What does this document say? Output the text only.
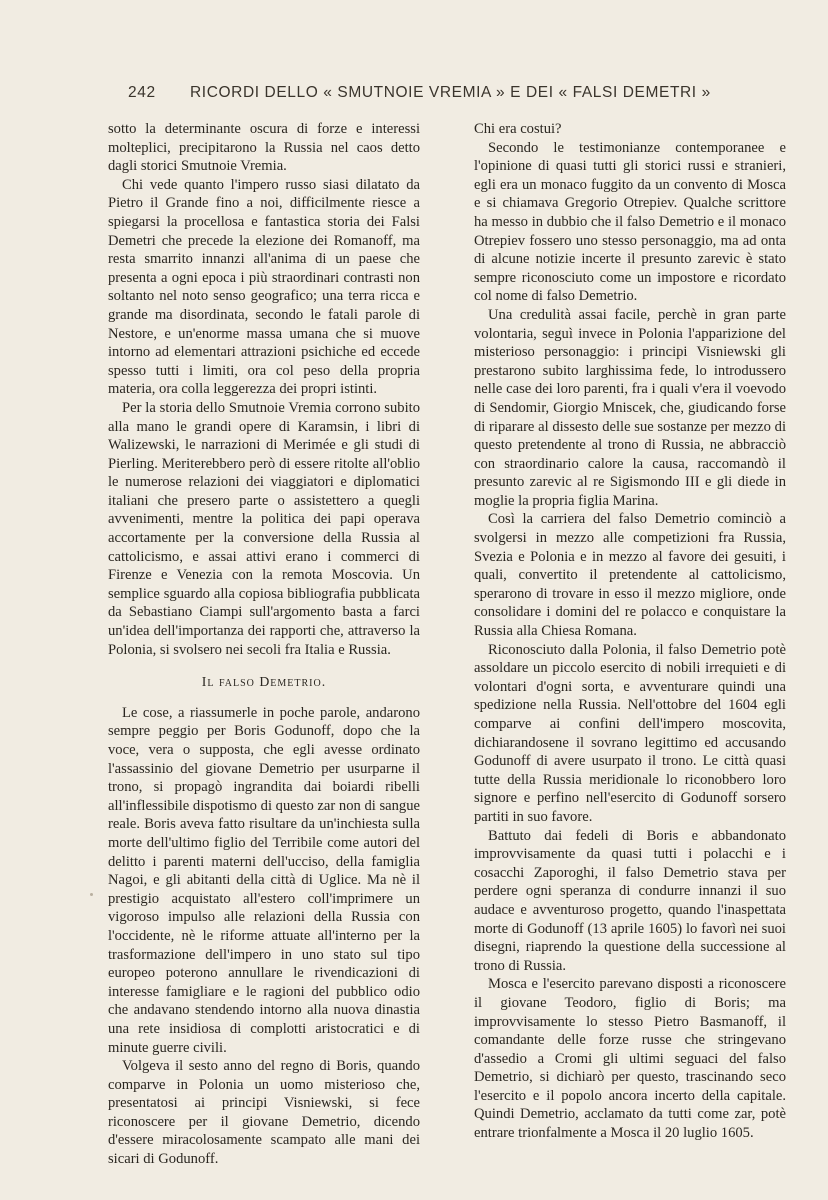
242 RICORDI DELLO « SMUTNOIE VREMIA » E DEI « FALSI DEMETRI »

sotto la determinante oscura di forze e interessi molteplici, precipitarono la Russia nel caos detto dagli storici Smutnoie Vremia.

Chi vede quanto l'impero russo siasi dilatato da Pietro il Grande fino a noi, difficilmente riesce a spiegarsi la procellosa e fantastica storia dei Falsi Demetri che precede la elezione dei Romanoff, ma resta smarrito innanzi all'anima di un paese che presenta a ogni epoca i più straordinari contrasti non soltanto nel noto senso geografico; una terra ricca e grande ma disordinata, secondo le fatali parole di Nestore, e un'enorme massa umana che si muove intorno ad elementari attrazioni psichiche ed eccede spesso tutti i limiti, ora col peso della propria materia, ora colla leggerezza dei propri istinti.

Per la storia dello Smutnoie Vremia corrono subito alla mano le grandi opere di Karamsin, i libri di Walizewski, le narrazioni di Merimée e gli studi di Pierling. Meriterebbero però di essere ritolte all'oblio le numerose relazioni dei viaggiatori e diplomatici italiani che presero parte o assistettero a quegli avvenimenti, mentre la politica dei papi operava accortamente per la conversione della Russia al cattolicismo, e assai attivi erano i commerci di Firenze e Venezia con la remota Moscovia. Un semplice sguardo alla copiosa bibliografia pubblicata da Sebastiano Ciampi sull'argomento basta a farci un'idea dell'importanza dei rapporti che, attraverso la Polonia, si svolsero nei secoli fra Italia e Russia.

Il falso Demetrio.

Le cose, a riassumerle in poche parole, andarono sempre peggio per Boris Godunoff, dopo che la voce, vera o supposta, che egli avesse ordinato l'assassinio del giovane Demetrio per usurparne il trono, si propagò ingrandita dai boiardi ribelli all'inflessibile dispotismo di questo zar non di sangue reale. Boris aveva fatto risultare da un'inchiesta sulla morte dell'ultimo figlio del Terribile come autori del delitto i parenti materni dell'ucciso, della famiglia Nagoi, e gli abitanti della città di Uglice. Ma nè il prestigio acquistato all'estero coll'imprimere un vigoroso impulso alle relazioni della Russia con l'occidente, nè le riforme attuate all'interno per la trasformazione dell'impero in uno stato sul tipo europeo poterono annullare le rivendicazioni di interesse famigliare e le ragioni del pubblico odio che andavano stendendo intorno alla nuova dinastia una rete insidiosa di complotti aristocratici e di minute guerre civili.

Volgeva il sesto anno del regno di Boris, quando comparve in Polonia un uomo misterioso che, presentatosi ai principi Visniewski, si fece riconoscere per il giovane Demetrio, dicendo d'essere miracolosamente scampato alle mani dei sicari di Godunoff.

Chi era costui?

Secondo le testimonianze contemporanee e l'opinione di quasi tutti gli storici russi e stranieri, egli era un monaco fuggito da un convento di Mosca e si chiamava Gregorio Otrepiev. Qualche scrittore ha messo in dubbio che il falso Demetrio e il monaco Otrepiev fossero uno stesso personaggio, ma ad onta di alcune notizie incerte il presunto zarevic è stato sempre riconosciuto come un impostore e ricordato col nome di falso Demetrio.

Una credulità assai facile, perchè in gran parte volontaria, seguì invece in Polonia l'apparizione del misterioso personaggio: i principi Visniewski gli prestarono subito larghissima fede, lo introdussero nelle case dei loro parenti, fra i quali v'era il voevodo di Sendomir, Giorgio Mniscek, che, giudicando forse di riparare al dissesto delle sue sostanze per mezzo di questo pretendente al trono di Russia, ne abbracciò con straordinario calore la causa, raccomandò il presunto zarevic al re Sigismondo III e gli diede in moglie la propria figlia Marina.

Così la carriera del falso Demetrio cominciò a svolgersi in mezzo alle competizioni fra Russia, Svezia e Polonia e in mezzo al favore dei gesuiti, i quali, convertito il pretendente al cattolicismo, sperarono di trovare in esso il mezzo migliore, onde consolidare i domini del re polacco e conquistare la Russia alla Chiesa Romana.

Riconosciuto dalla Polonia, il falso Demetrio potè assoldare un piccolo esercito di nobili irrequieti e di volontari d'ogni sorta, e avventurare quindi una spedizione nella Russia. Nell'ottobre del 1604 egli comparve ai confini dell'impero moscovita, dichiarandosene il sovrano legittimo ed accusando Godunoff di avere usurpato il trono. Le città quasi tutte della Russia meridionale lo riconobbero loro signore e perfino nell'esercito di Godunoff sorsero partiti in suo favore.

Battuto dai fedeli di Boris e abbandonato improvvisamente da quasi tutti i polacchi e i cosacchi Zaporoghi, il falso Demetrio stava per perdere ogni speranza di condurre innanzi il suo audace e avventuroso progetto, quando l'inaspettata morte di Godunoff (13 aprile 1605) lo favorì nei suoi disegni, riaprendo la questione della successione al trono di Russia.

Mosca e l'esercito parevano disposti a riconoscere il giovane Teodoro, figlio di Boris; ma improvvisamente lo stesso Pietro Basmanoff, il comandante delle forze russe che stringevano d'assedio a Cromi gli ultimi seguaci del falso Demetrio, si dichiarò per questo, trascinando seco l'esercito e il popolo ancora incerto della capitale. Quindi Demetrio, acclamato da tutti come zar, potè entrare trionfalmente a Mosca il 20 luglio 1605.
